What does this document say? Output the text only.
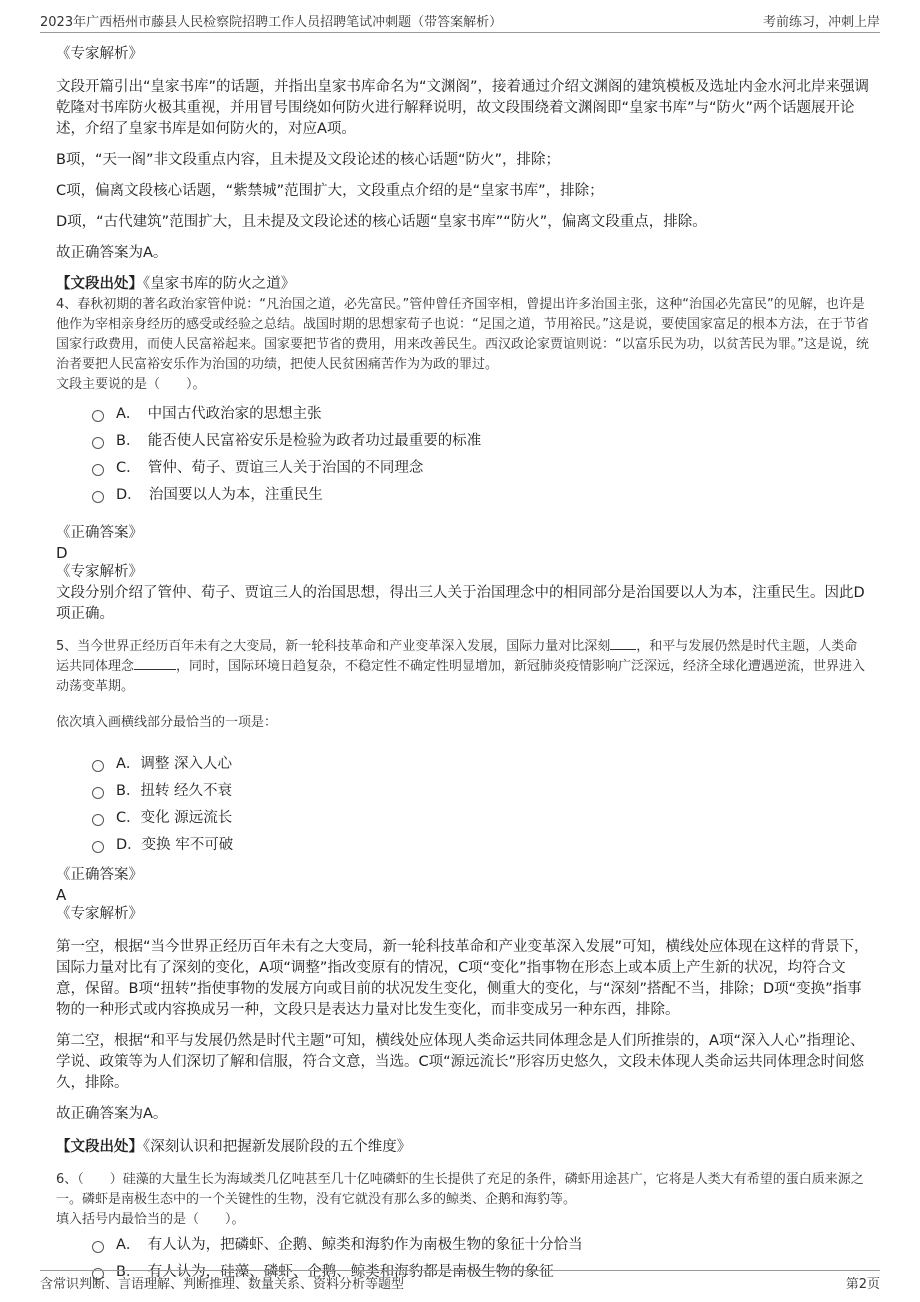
2023年广西梧州市藤县人民检察院招聘工作人员招聘笔试冲刺题（带答案解析）	考前练习，冲刺上岸

《专家解析》

文段开篇引出“皇家书库”的话题，并指出皇家书库命名为“文渊阁”，接着通过介绍文渊阁的建筑模板及选址内金水河北岸来强调乾隆对书库防火极其重视，并用冒号围绕如何防火进行解释说明，故文段围绕着文渊阁即“皇家书库”与“防火”两个话题展开论述，介绍了皇家书库是如何防火的，对应A项。

B项，“天一阁”非文段重点内容，且未提及文段论述的核心话题“防火”，排除；

C项，偏离文段核心话题，“紫禁城”范围扩大，文段重点介绍的是“皇家书库”，排除；

D项，“古代建筑”范围扩大，且未提及文段论述的核心话题“皇家书库”“防火”，偏离文段重点，排除。

故正确答案为A。

【文段出处】《皇家书库的防火之道》

4、春秋初期的著名政治家管仲说：“凡治国之道，必先富民。”管仲曾任齐国宰相，曾提出许多治国主张，这种“治国必先富民”的见解，也许是他作为宰相亲身经历的感受或经验之总结。战国时期的思想家荀子也说：“足国之道，节用裕民。”这是说，要使国家富足的根本方法，在于节省国家行政费用，而使人民富裕起来。国家要把节省的费用，用来改善民生。西汉政论家贾谊则说：“以富乐民为功，以贫苦民为罪。”这是说，统治者要把人民富裕安乐作为治国的功绩，把使人民贫困痛苦作为为政的罪过。

文段主要说的是（　　）。

A．　中国古代政治家的思想主张
B．　能否使人民富裕安乐是检验为政者功过最重要的标准
C．　管仲、荀子、贾谊三人关于治国的不同理念
D．　治国要以人为本，注重民生

《正确答案》

D

《专家解析》

文段分别介绍了管仲、荀子、贾谊三人的治国思想，得出三人关于治国理念中的相同部分是治国要以人为本，注重民生。因此D项正确。

5、当今世界正经历百年未有之大变局，新一轮科技革命和产业变革深入发展，国际力量对比深刻 ，和平与发展仍然是时代主题，人类命运共同体理念	，同时，国际环境日趋复杂，不稳定性不确定性明显增加，新冠肺炎疫情影响广泛深远，经济全球化遭遇逆流，世界进入动荡变革期。

依次填入画横线部分最恰当的一项是：

A．调整 深入人心
B．扭转 经久不衰
C．变化 源远流长
D．变换 牢不可破

《正确答案》

A

《专家解析》

第一空，根据“当今世界正经历百年未有之大变局，新一轮科技革命和产业变革深入发展”可知，横线处应体现在这样的背景下，国际力量对比有了深刻的变化，A项“调整”指改变原有的情况，C项“变化”指事物在形态上或本质上产生新的状况，均符合文意，保留。B项“扭转”指使事物的发展方向或目前的状况发生变化，侧重大的变化，与“深刻”搭配不当，排除；D项“变换”指事物的一种形式或内容换成另一种，文段只是表达力量对比发生变化，而非变成另一种东西，排除。

第二空，根据“和平与发展仍然是时代主题”可知，横线处应体现人类命运共同体理念是人们所推崇的，A项“深入人心”指理论、学说、政策等为人们深切了解和信服，符合文意，当选。C项“源远流长”形容历史悠久，文段未体现人类命运共同体理念时间悠久，排除。

故正确答案为A。

【文段出处】《深刻认识和把握新发展阶段的五个维度》

6、（　　）硅藻的大量生长为海域类几亿吨甚至几十亿吨磷虾的生长提供了充足的条件，磷虾用途甚广，它将是人类大有希望的蛋白质来源之一。磷虾是南极生态中的一个关键性的生物，没有它就没有那么多的鲸类、企鹅和海豹等。

填入括号内最恰当的是（　　）。

A．　有人认为，把磷虾、企鹅、鲸类和海豹作为南极生物的象征十分恰当
B．　有人认为，硅藻、磷虾、企鹅、鲸类和海豹都是南极生物的象征
含常识判断、言语理解、判断推理、数量关系、资料分析等题型	第2页
